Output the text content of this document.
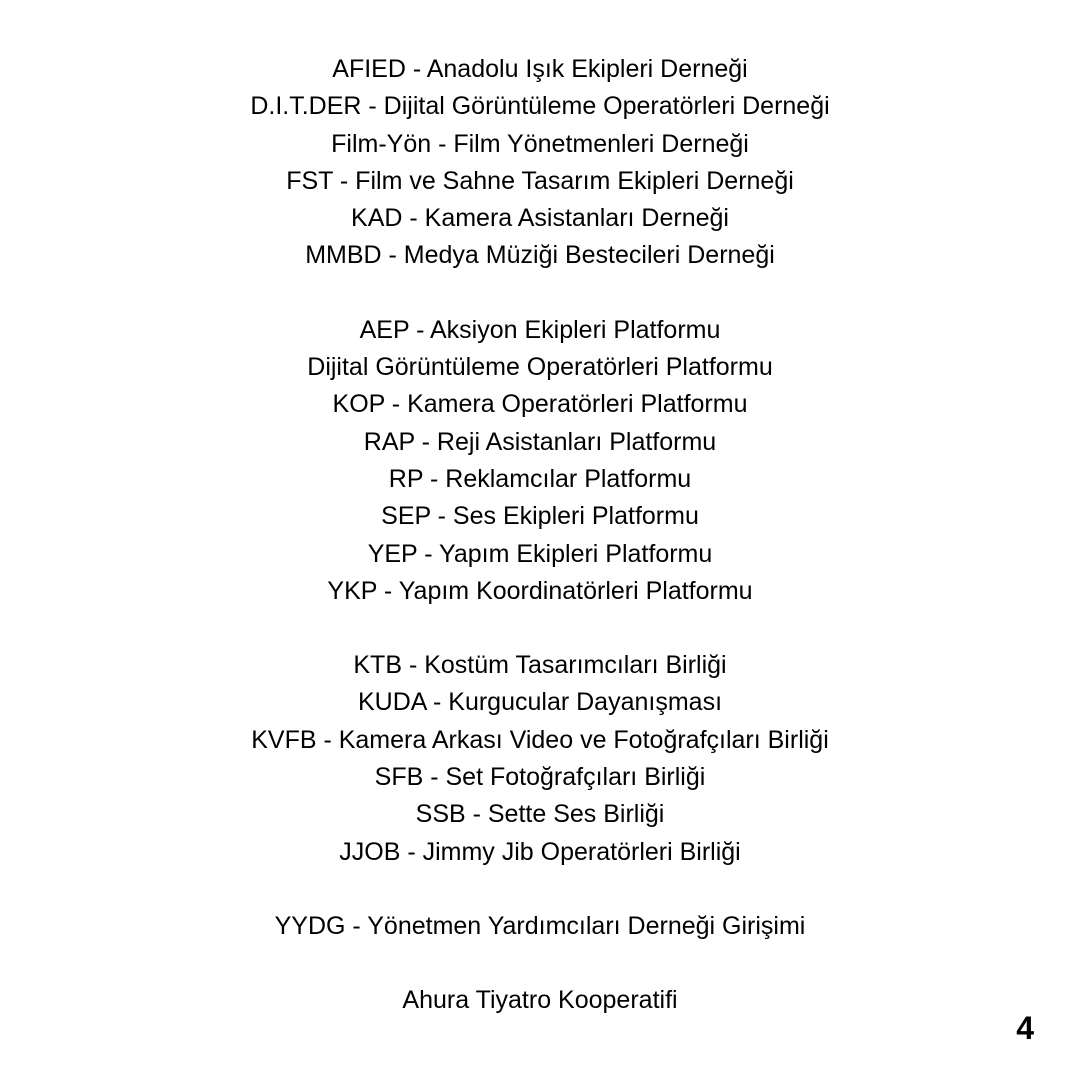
AFIED - Anadolu Işık Ekipleri Derneği
D.I.T.DER - Dijital Görüntüleme Operatörleri Derneği
Film-Yön - Film Yönetmenleri Derneği
FST - Film ve Sahne Tasarım Ekipleri Derneği
KAD - Kamera Asistanları Derneği
MMBD - Medya Müziği Bestecileri Derneği
AEP - Aksiyon Ekipleri Platformu
Dijital Görüntüleme Operatörleri Platformu
KOP - Kamera Operatörleri Platformu
RAP - Reji Asistanları Platformu
RP - Reklamcılar Platformu
SEP - Ses Ekipleri Platformu
YEP - Yapım Ekipleri Platformu
YKP - Yapım Koordinatörleri Platformu
KTB - Kostüm Tasarımcıları Birliği
KUDA - Kurgucular Dayanışması
KVFB - Kamera Arkası Video ve Fotoğrafçıları Birliği
SFB - Set Fotoğrafçıları Birliği
SSB - Sette Ses Birliği
JJOB - Jimmy Jib Operatörleri Birliği
YYDG - Yönetmen Yardımcıları Derneği Girişimi
Ahura Tiyatro Kooperatifi
4
